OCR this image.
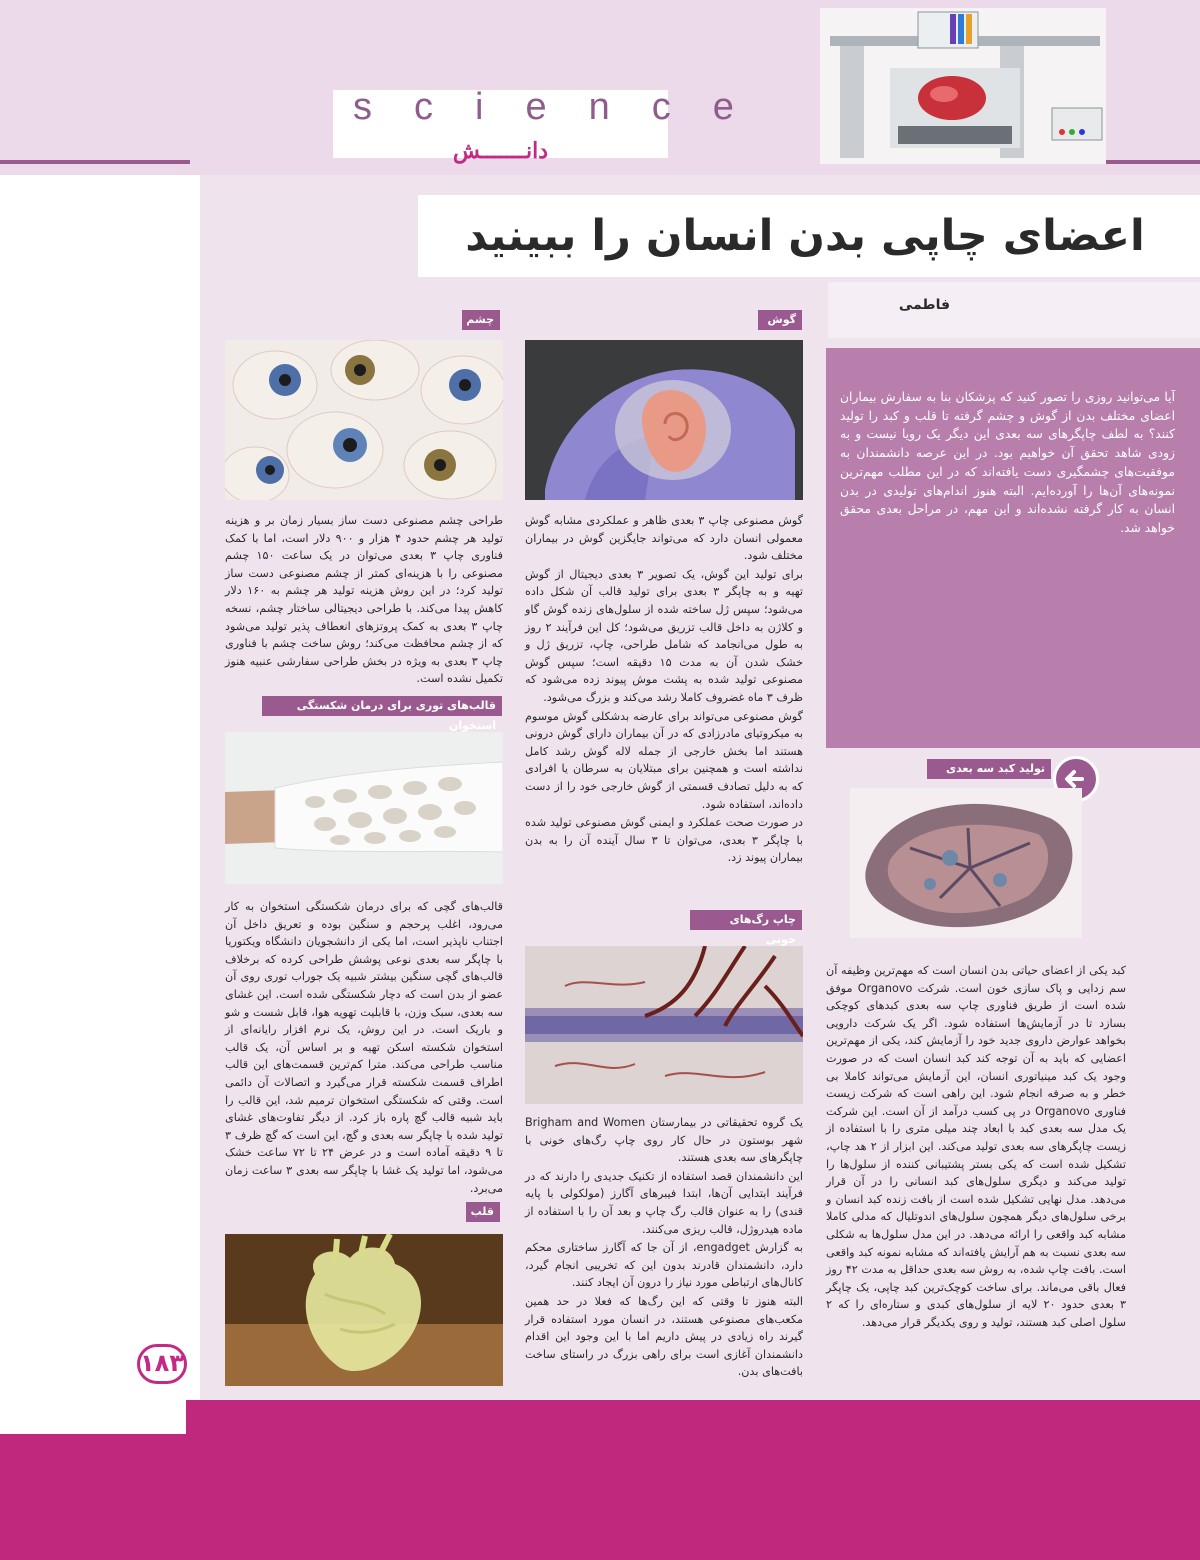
science
دانـــــــش
اعضای چاپی بدن انسان را ببینید
فاطمی
آیا می‌توانید روزی را تصور کنید که پزشکان بنا به سفارش بیماران اعضای مختلف بدن از گوش و چشم گرفته تا قلب و کبد را تولید کنند؟ به لطف چاپگرهای سه بعدی این دیگر یک رویا نیست و به زودی شاهد تحقق آن خواهیم بود. در این عرصه دانشمندان به موفقیت‌های چشمگیری دست یافته‌اند که در این مطلب مهم‌ترین نمونه‌های آن‌ها را آورده‌ایم. البته هنوز اندام‌های تولیدی در بدن انسان به کار گرفته نشده‌اند و این مهم، در مراحل بعدی محقق خواهد شد.
تولید کبد سه بعدی
کبد یکی از اعضای حیاتی بدن انسان است که مهم‌ترین وظیفه آن سم زدایی و پاک سازی خون است. شرکت Organovo موفق شده است از طریق فناوری چاپ سه بعدی کبدهای کوچکی بسازد تا در آزمایش‌ها استفاده شود. اگر یک شرکت دارویی بخواهد عوارض داروی جدید خود را آزمایش کند، یکی از مهم‌ترین اعضایی که باید به آن توجه کند کبد انسان است که در صورت وجود یک کبد مینیاتوری انسان، این آزمایش می‌تواند کاملا بی خطر و به صرفه انجام شود. این راهی است که شرکت زیست فناوری Organovo در پی کسب درآمد از آن است. این شرکت یک مدل سه بعدی کبد با ابعاد چند میلی متری را با استفاده از زیست چاپگرهای سه بعدی تولید می‌کند. این ابزار از ۲ هد چاپ، تشکیل شده است که یکی بستر پشتیبانی کننده از سلول‌ها را تولید می‌کند و دیگری سلول‌های کبد انسانی را در آن قرار می‌دهد. مدل نهایی تشکیل شده است از بافت زنده کبد انسان و برخی سلول‌های دیگر همچون سلول‌های اندوتلیال که مدلی کاملا مشابه کبد واقعی را ارائه می‌دهد. در این مدل سلول‌ها به شکلی سه بعدی نسبت به هم آرایش یافته‌اند که مشابه نمونه کبد واقعی است. بافت چاپ شده، به روش سه بعدی حداقل به مدت ۴۲ روز فعال باقی می‌ماند. برای ساخت کوچک‌ترین کبد چاپی، یک چاپگر ۳ بعدی حدود ۲۰ لایه از سلول‌های کبدی و ستاره‌ای را که ۲ سلول اصلی کبد هستند، تولید و روی یکدیگر قرار می‌دهد.
گوش

گوش مصنوعی چاپ ۳ بعدی ظاهر و عملکردی مشابه گوش معمولی انسان دارد که می‌تواند جایگزین گوش در بیماران مختلف شود.

برای تولید این گوش، یک تصویر ۳ بعدی دیجیتال از گوش تهیه و به چاپگر ۳ بعدی برای تولید قالب آن شکل داده می‌شود؛ سپس ژل ساخته شده از سلول‌های زنده گوش گاو و کلاژن به داخل قالب تزریق می‌شود؛ کل این فرآیند ۲ روز به طول می‌انجامد که شامل طراحی، چاپ، تزریق ژل و خشک شدن آن به مدت ۱۵ دقیقه است؛ سپس گوش مصنوعی تولید شده به پشت موش پیوند زده می‌شود که ظرف ۳ ماه غضروف کاملا رشد می‌کند و بزرگ می‌شود.

گوش مصنوعی می‌تواند برای عارضه بدشکلی گوش موسوم به میکروتیای مادرزادی که در آن بیماران دارای گوش درونی هستند اما بخش خارجی از جمله لاله گوش رشد کامل نداشته است و همچنین برای مبتلایان به سرطان یا افرادی که به دلیل تصادف قسمتی از گوش خارجی خود را از دست داده‌اند، استفاده شود.

در صورت صحت عملکرد و ایمنی گوش مصنوعی تولید شده با چاپگر ۳ بعدی، می‌توان تا ۳ سال آینده آن را به بدن بیماران پیوند زد.

چاپ رگ‌های خونی

یک گروه تحقیقاتی در بیمارستان Brigham and Women شهر بوستون در حال کار روی چاپ رگ‌های خونی با چاپگرهای سه بعدی هستند.

این دانشمندان قصد استفاده از تکنیک جدیدی را دارند که در فرآیند ابتدایی آن‌ها، ابتدا فیبرهای آگارز (مولکولی با پایه قندی) را به عنوان قالب رگ چاپ و بعد آن را با استفاده از ماده هیدروژل، قالب ریزی می‌کنند.

به گزارش engadget، از آن جا که آگارز ساختاری محکم دارد، دانشمندان قادرند بدون این که تخریبی انجام گیرد، کانال‌های ارتباطی مورد نیاز را درون آن ایجاد کنند.

البته هنوز تا وقتی که این رگ‌ها که فعلا در حد همین مکعب‌های مصنوعی هستند، در انسان مورد استفاده قرار گیرند راه زیادی در پیش داریم اما با این وجود این اقدام دانشمندان آغازی است برای راهی بزرگ در راستای ساخت بافت‌های بدن.

چشم
طراحی چشم مصنوعی دست ساز بسیار زمان بر و هزینه تولید هر چشم حدود ۴ هزار و ۹۰۰ دلار است، اما با کمک فناوری چاپ ۳ بعدی می‌توان در یک ساعت ۱۵۰ چشم مصنوعی را با هزینه‌ای کمتر از چشم مصنوعی دست ساز تولید کرد؛ در این روش هزینه تولید هر چشم به ۱۶۰ دلار کاهش پیدا می‌کند. با طراحی دیجیتالی ساختار چشم، نسخه چاپ ۳ بعدی به کمک پروتز‌های انعطاف پذیر تولید می‌شود که از چشم محافظت می‌کند؛ روش ساخت چشم با فناوری چاپ ۳ بعدی به ویژه در بخش طراحی سفارشی عنبیه هنوز تکمیل نشده است.
قالب‌های توری برای درمان شکستگی استخوان
قالب‌های گچی که برای درمان شکستگی استخوان به کار می‌رود، اغلب پرحجم و سنگین بوده و تعریق داخل آن اجتناب ناپذیر است، اما یکی از دانشجویان دانشگاه ویکتوریا با چاپگر سه بعدی نوعی پوشش طراحی کرده که برخلاف قالب‌های گچی سنگین بیشتر شبیه یک جوراب توری روی آن عضو از بدن است که دچار شکستگی شده است. این غشای سه بعدی، سبک وزن، با قابلیت تهویه هوا، قابل شست و شو و باریک است. در این روش، یک نرم افزار رایانه‌ای از استخوان شکسته اسکن تهیه و بر اساس آن، یک قالب مناسب طراحی می‌کند. مترا کم‌ترین قسمت‌های این قالب اطراف قسمت شکسته قرار می‌گیرد و اتصالات آن دائمی است. وقتی که شکستگی استخوان ترمیم شد، این قالب را باید شبیه قالب گچ پاره باز کرد. از دیگر تفاوت‌های غشای تولید شده با چاپگر سه بعدی و گچ، این است که گچ ظرف ۳ تا ۹ دقیقه آماده است و در عرض ۲۴ تا ۷۲ ساعت خشک می‌شود، اما تولید یک غشا با چاپگر سه بعدی ۳ ساعت زمان می‌برد.
قلب
۱۸۳
